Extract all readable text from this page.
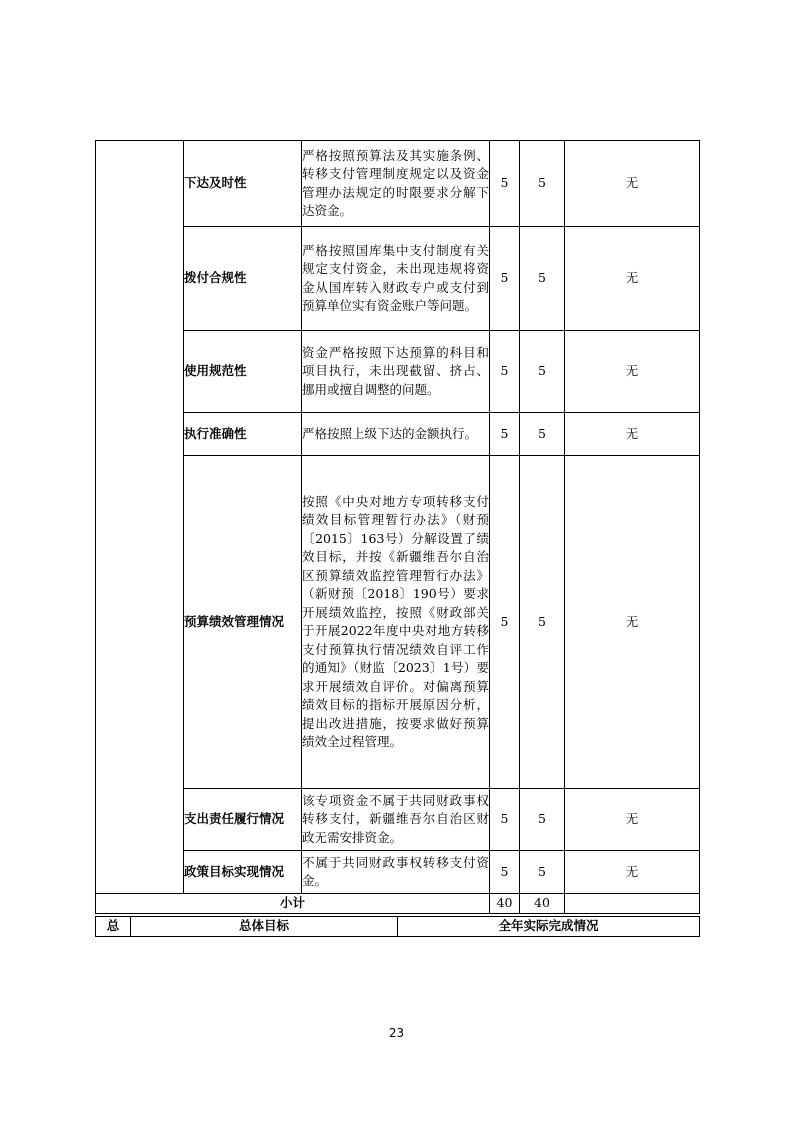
	下达及时性	严格按照预算法及其实施条例、转移支付管理制度规定以及资金管理办法规定的时限要求分解下达资金。	5	5	无
	拨付合规性	严格按照国库集中支付制度有关规定支付资金，未出现违规将资金从国库转入财政专户或支付到预算单位实有资金账户等问题。	5	5	无
	使用规范性	资金严格按照下达预算的科目和项目执行，未出现截留、挤占、挪用或擅自调整的问题。	5	5	无
	执行准确性	严格按照上级下达的金额执行。	5	5	无
	预算绩效管理情况	按照《中央对地方专项转移支付绩效目标管理暂行办法》（财预〔2015〕163号）分解设置了绩效目标，并按《新疆维吾尔自治区预算绩效监控管理暂行办法》（新财预〔2018〕190号）要求开展绩效监控，按照《财政部关于开展2022年度中央对地方转移支付预算执行情况绩效自评工作的通知》（财监〔2023〕1号）要求开展绩效自评价。对偏离预算绩效目标的指标开展原因分析，提出改进措施，按要求做好预算绩效全过程管理。	5	5	无
	支出责任履行情况	该专项资金不属于共同财政事权转移支付，新疆维吾尔自治区财政无需安排资金。	5	5	无
	政策目标实现情况	不属于共同财政事权转移支付资金。	5	5	无
小计			40	40	
总	总体目标	全年实际完成情况
23
